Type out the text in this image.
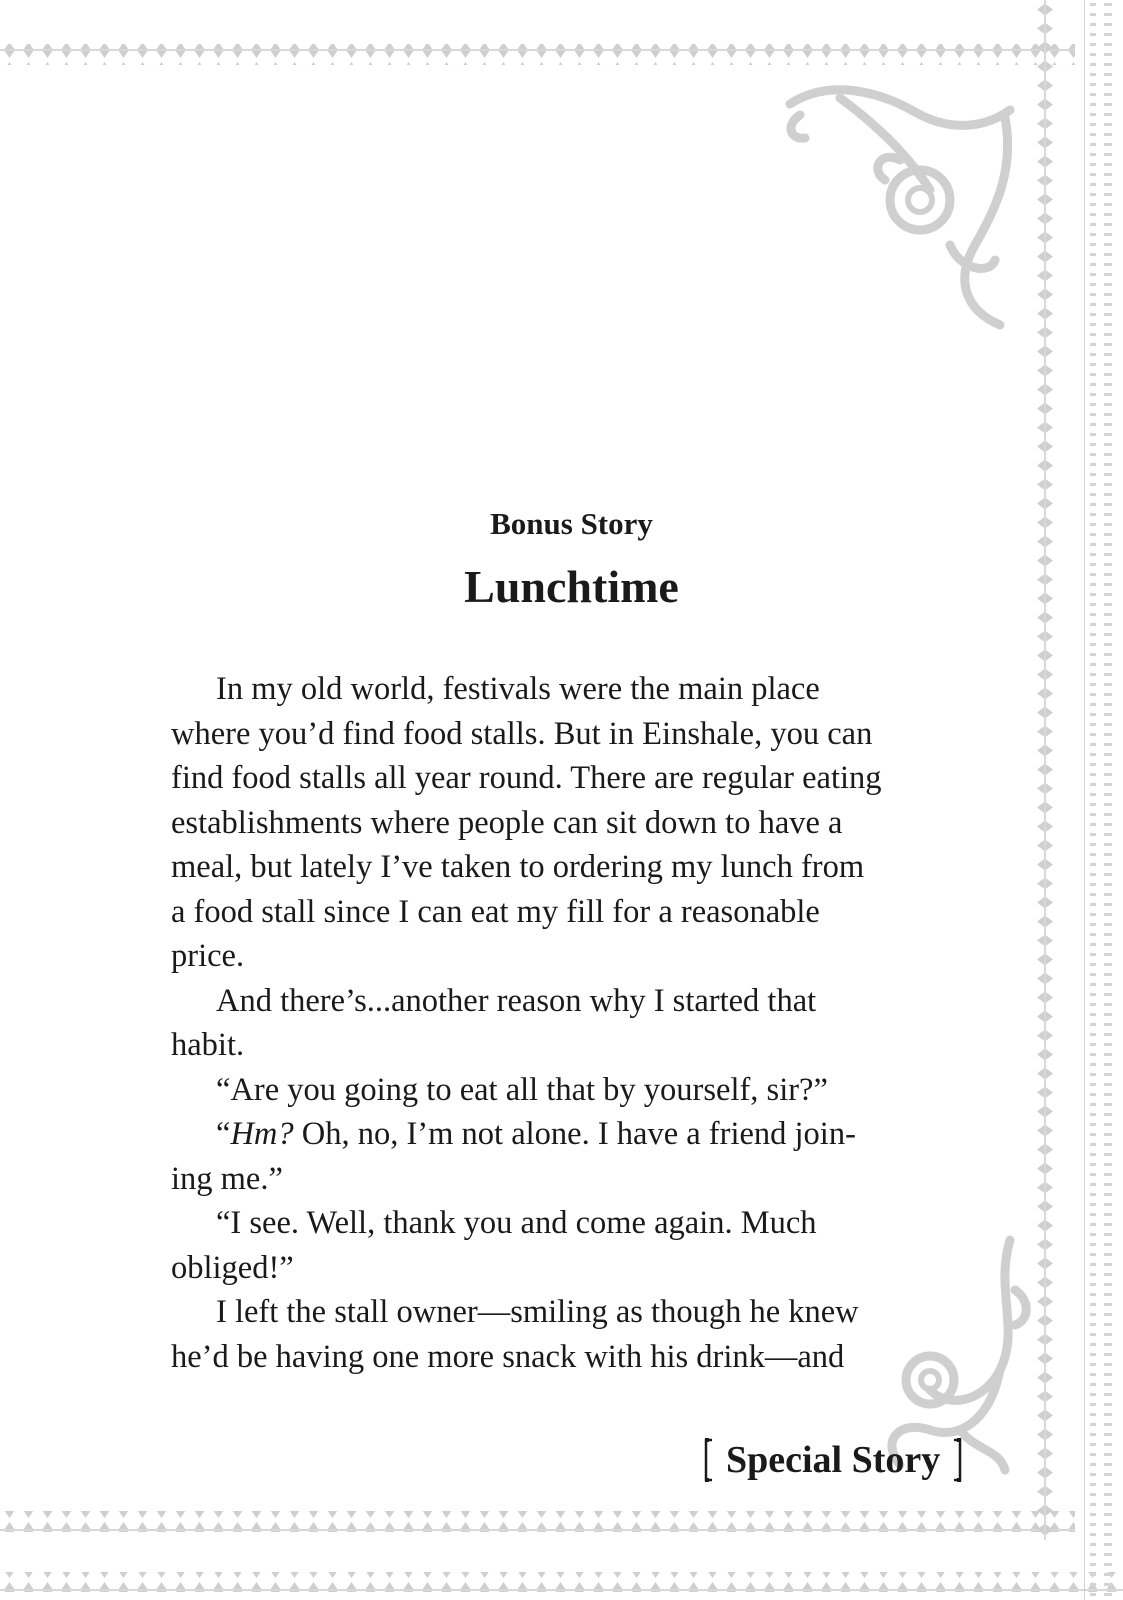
Bonus Story
Lunchtime
In my old world, festivals were the main place
where you’d find food stalls. But in Einshale, you can
find food stalls all year round. There are regular eating
establishments where people can sit down to have a
meal, but lately I’ve taken to ordering my lunch from
a food stall since I can eat my fill for a reasonable
price.
And there’s...another reason why I started that
habit.
“Are you going to eat all that by yourself, sir?”
“Hm? Oh, no, I’m not alone. I have a friend join-
ing me.”
“I see. Well, thank you and come again. Much
obliged!”
I left the stall owner—smiling as though he knew
he’d be having one more snack with his drink—and
Special Story
